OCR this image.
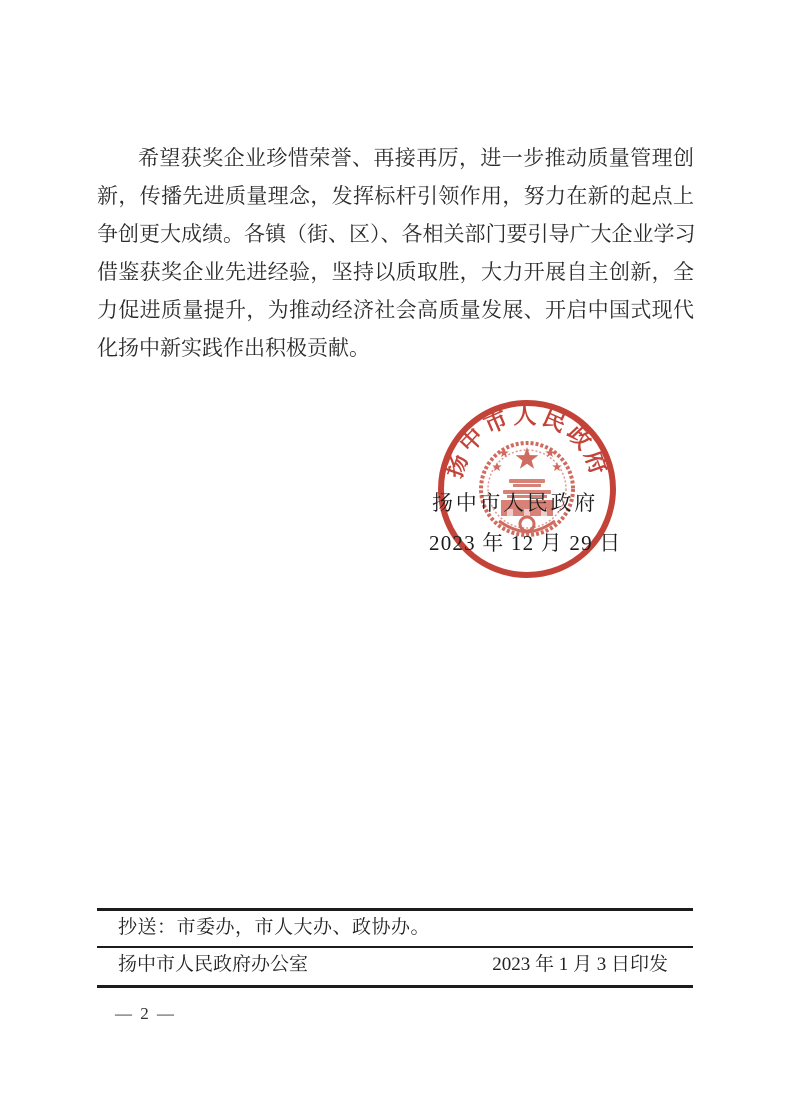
希望获奖企业珍惜荣誉、再接再厉，进一步推动质量管理创
新，传播先进质量理念，发挥标杆引领作用，努力在新的起点上
争创更大成绩。各镇（街、区）、各相关部门要引导广大企业学习
借鉴获奖企业先进经验，坚持以质取胜，大力开展自主创新，全
力促进质量提升，为推动经济社会高质量发展、开启中国式现代
化扬中新实践作出积极贡献。
扬中市人民政府
扬中市人民政府
2023 年 12 月 29 日
抄送：市委办，市人大办、政协办。
扬中市人民政府办公室	2023 年 1 月 3 日印发
— 2 —
